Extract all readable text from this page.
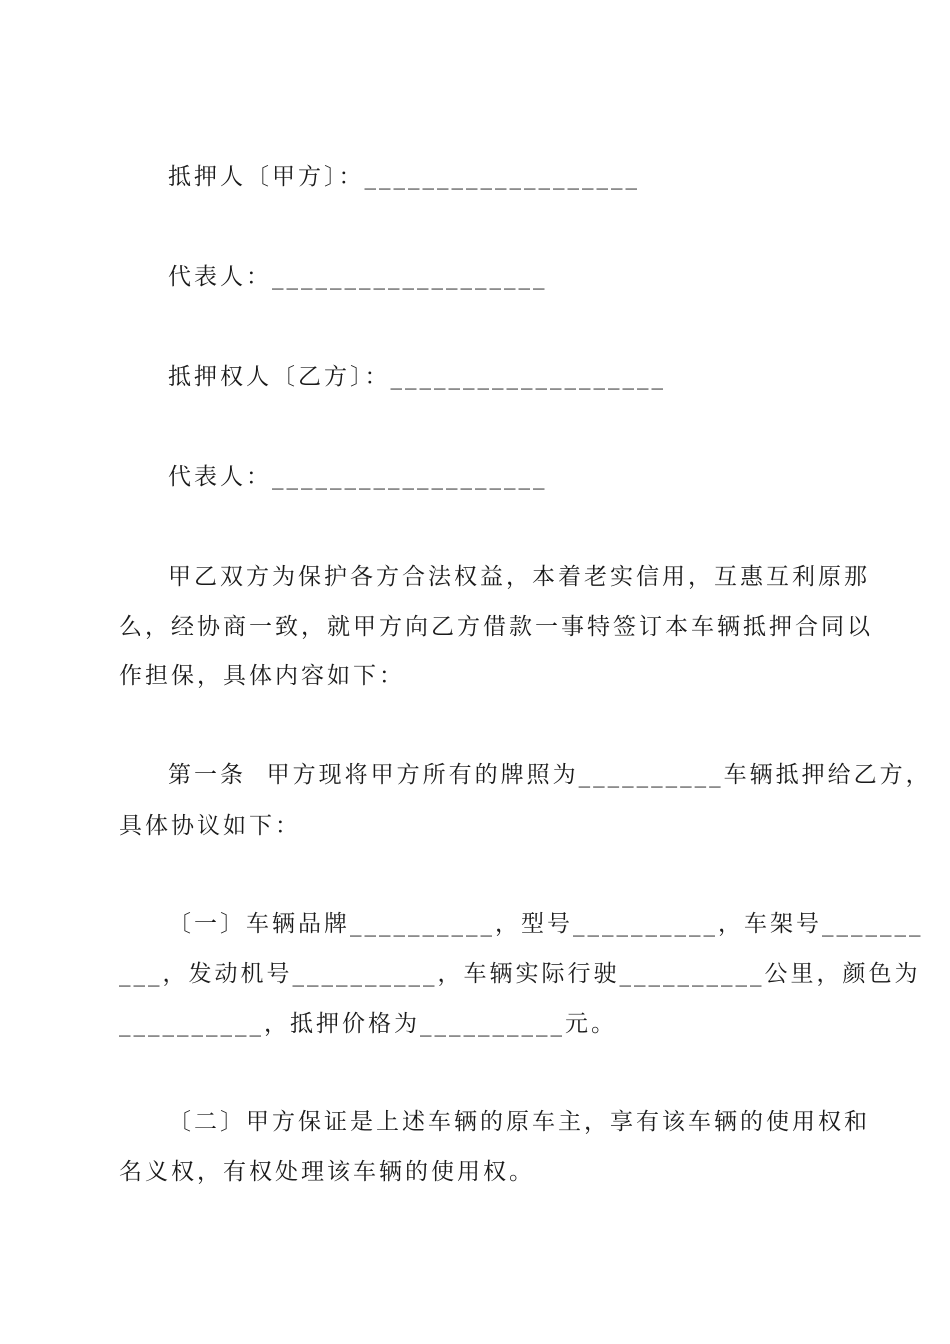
抵押人〔甲方〕：___________________
代表人：___________________
抵押权人〔乙方〕：___________________
代表人：___________________
甲乙双方为保护各方合法权益，本着老实信用，互惠互利原那
么，经协商一致，就甲方向乙方借款一事特签订本车辆抵押合同以
作担保，具体内容如下：
第一条  甲方现将甲方所有的牌照为__________车辆抵押给乙方，
具体协议如下：
〔一〕车辆品牌__________，型号__________，车架号_______
___，发动机号__________，车辆实际行驶__________公里，颜色为
__________，抵押价格为__________元。
〔二〕甲方保证是上述车辆的原车主，享有该车辆的使用权和
名义权，有权处理该车辆的使用权。
